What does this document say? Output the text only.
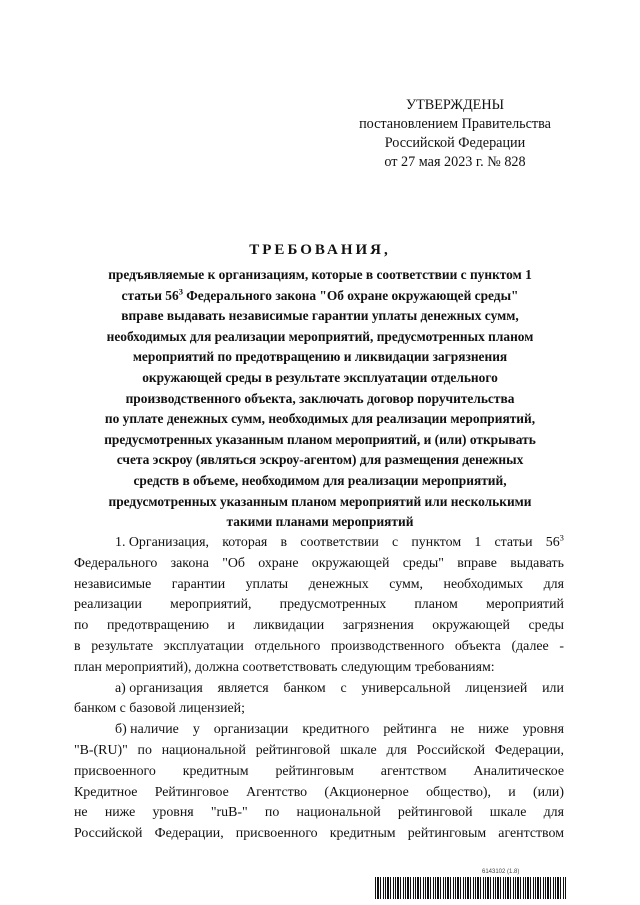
УТВЕРЖДЕНЫ
постановлением Правительства
Российской Федерации
от 27 мая 2023 г. № 828
ТРЕБОВАНИЯ,
предъявляемые к организациям, которые в соответствии с пунктом 1
статьи $56^3$ Федерального закона "Об охране окружающей среды"
вправе выдавать независимые гарантии уплаты денежных сумм,
необходимых для реализации мероприятий, предусмотренных планом
мероприятий по предотвращению и ликвидации загрязнения
окружающей среды в результате эксплуатации отдельного
производственного объекта, заключать договор поручительства
по уплате денежных сумм, необходимых для реализации мероприятий,
предусмотренных указанным планом мероприятий, и (или) открывать
счета эскроу (являться эскроу-агентом) для размещения денежных
средств в объеме, необходимом для реализации мероприятий,
предусмотренных указанным планом мероприятий или несколькими
такими планами мероприятий
1. Организация, которая в соответствии с пунктом 1 статьи $56^3$
Федерального закона "Об охране окружающей среды" вправе выдавать
независимые гарантии уплаты денежных сумм, необходимых для
реализации мероприятий, предусмотренных планом мероприятий
по предотвращению и ликвидации загрязнения окружающей среды
в результате эксплуатации отдельного производственного объекта (далее -
план мероприятий), должна соответствовать следующим требованиям:
а) организация является банком с универсальной лицензией или
банком с базовой лицензией;
б) наличие у организации кредитного рейтинга не ниже уровня
"B-(RU)" по национальной рейтинговой шкале для Российской Федерации,
присвоенного кредитным рейтинговым агентством Аналитическое
Кредитное Рейтинговое Агентство (Акционерное общество), и (или)
не ниже уровня "ruB-" по национальной рейтинговой шкале для
Российской Федерации, присвоенного кредитным рейтинговым агентством
6143102 (1.8)
